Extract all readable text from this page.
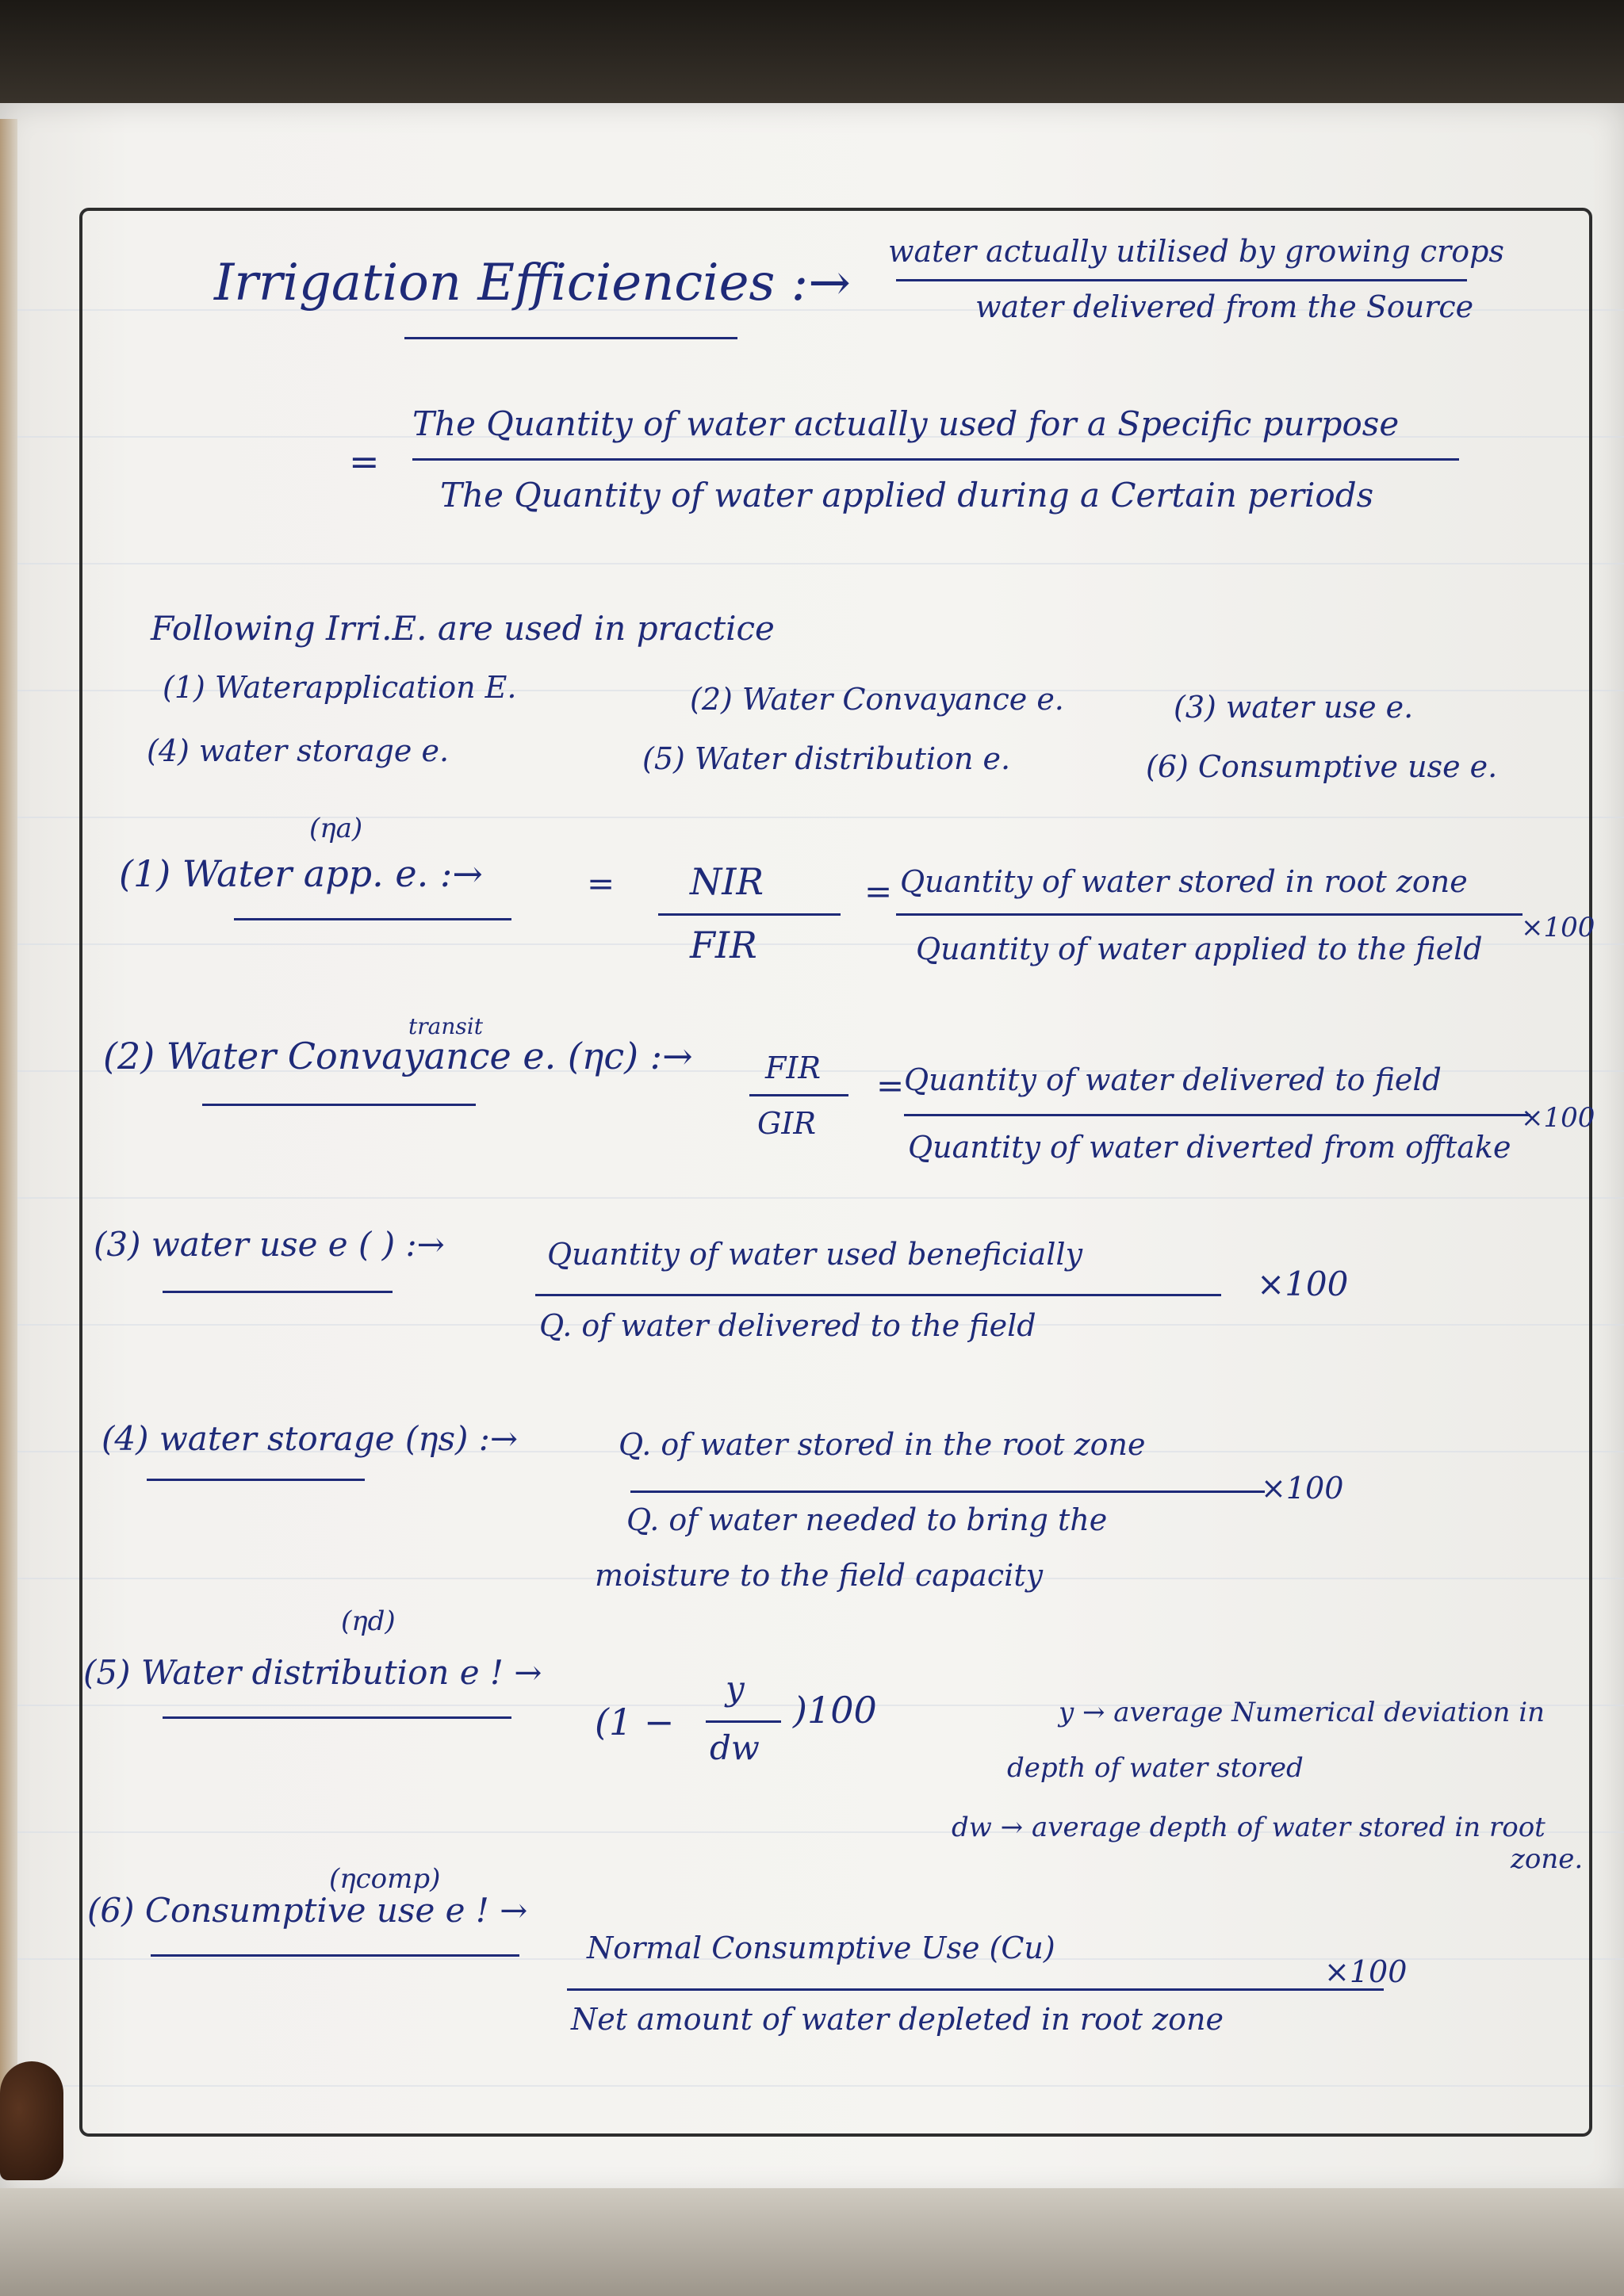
Irrigation Efficiencies :→
water actually utilised by growing crops
water delivered from the Source
=
The Quantity of water actually used for a Specific purpose
The Quantity of water applied during a Certain periods
Following Irri.E. are used in practice
(1) Waterapplication E.	(2) Water Convayance e.	(3) water use e.
(4) water storage e.	(5) Water distribution e.	(6) Consumptive use e.
(ηa)
(1) Water app. e. :→	= NIR
FIR
= Quantity of water stored in root zone
Quantity of water applied to the field
×100
transit
(2) Water Convayance e. (ηc) :→ FIR
GIR
= Quantity of water delivered to field
Quantity of water diverted from offtake
×100
(3) water use e ( ) :→	Quantity of water used beneficially
Q. of water delivered to the field
×100
(4) water storage (ηs) :→	Q. of water stored in the root zone
Q. of water needed to bring the
moisture to the field capacity
×100
(ηd)
(5) Water distribution e ! →
(1 −
y
dw
)100	y → average Numerical deviation in
depth of water stored
dw → average depth of water stored in root
zone.
(ηcomp)
(6) Consumptive use e ! →
Normal Consumptive Use (Cu)
Net amount of water depleted in root zone
×100
